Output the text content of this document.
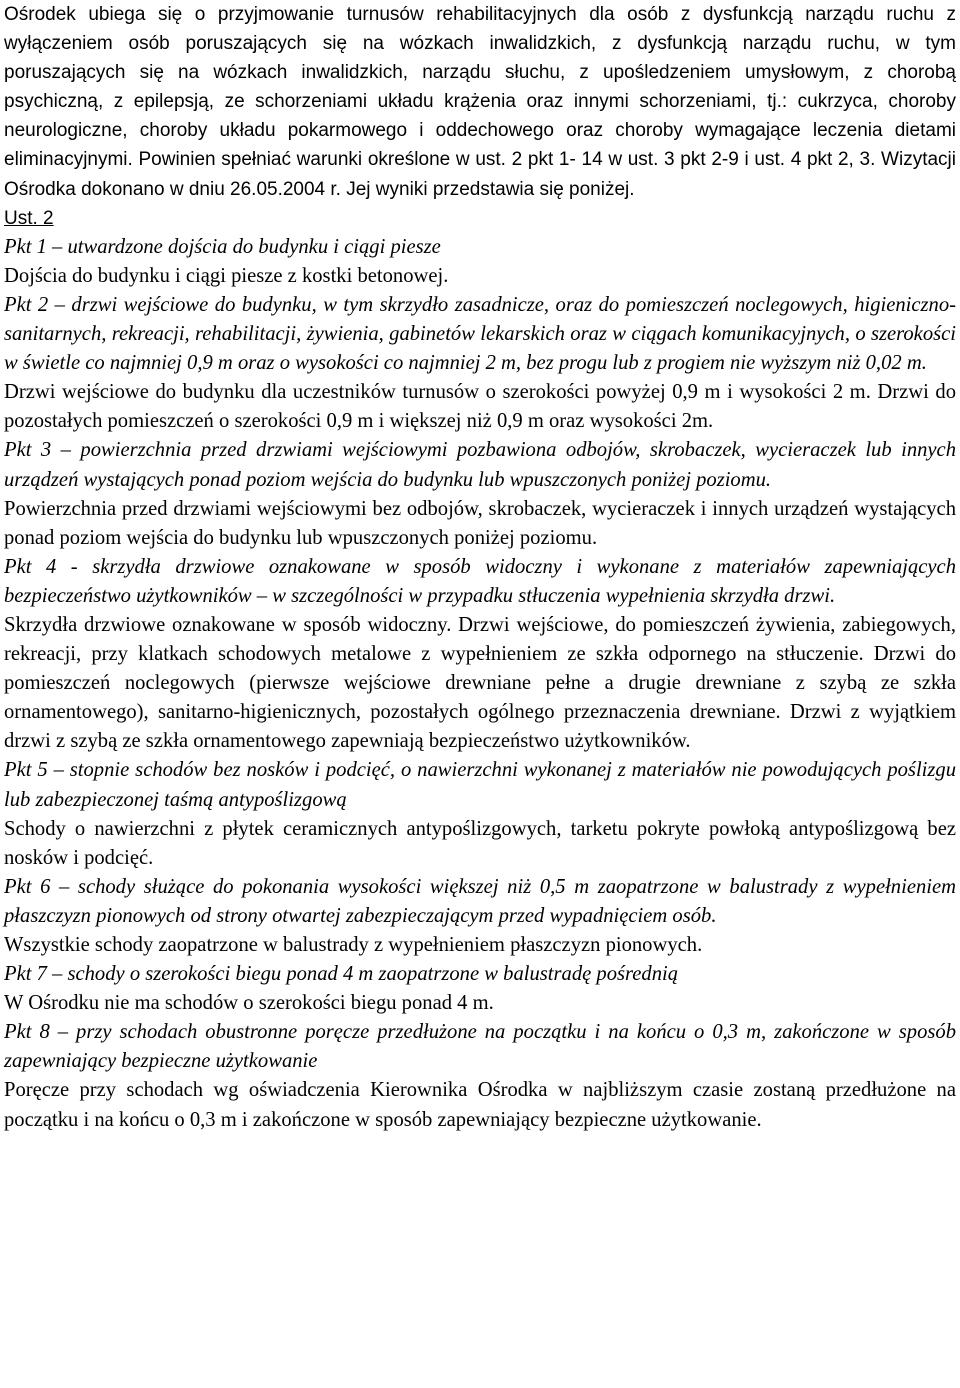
Ośrodek ubiega się o przyjmowanie turnusów rehabilitacyjnych dla osób z dysfunkcją narządu ruchu z wyłączeniem osób poruszających się na wózkach inwalidzkich, z dysfunkcją narządu ruchu, w tym poruszających się na wózkach inwalidzkich, narządu słuchu, z upośledzeniem umysłowym, z chorobą psychiczną, z epilepsją, ze schorzeniami układu krążenia oraz innymi schorzeniami, tj.: cukrzyca, choroby neurologiczne, choroby układu pokarmowego i oddechowego oraz choroby wymagające leczenia dietami eliminacyjnymi. Powinien spełniać warunki określone w ust. 2 pkt 1- 14 w ust. 3 pkt 2-9 i ust. 4 pkt 2, 3. Wizytacji Ośrodka dokonano w dniu 26.05.2004 r. Jej wyniki przedstawia się poniżej.

Ust. 2

Pkt 1 – utwardzone dojścia do budynku i ciągi piesze

Dojścia do budynku i ciągi piesze z kostki betonowej.

Pkt 2 – drzwi wejściowe do budynku, w tym skrzydło zasadnicze, oraz do pomieszczeń noclegowych, higieniczno-sanitarnych, rekreacji, rehabilitacji, żywienia, gabinetów lekarskich oraz w ciągach komunikacyjnych, o szerokości w świetle co najmniej 0,9 m oraz o wysokości co najmniej 2 m, bez progu lub z progiem nie wyższym niż 0,02 m.

Drzwi wejściowe do budynku dla uczestników turnusów o szerokości powyżej 0,9 m i wysokości 2 m. Drzwi do pozostałych pomieszczeń o szerokości 0,9 m i większej niż 0,9 m oraz wysokości 2m.

Pkt 3 – powierzchnia przed drzwiami wejściowymi pozbawiona odbojów, skrobaczek, wycieraczek lub innych urządzeń wystających ponad poziom wejścia do budynku lub wpuszczonych poniżej poziomu.

Powierzchnia przed drzwiami wejściowymi bez odbojów, skrobaczek, wycieraczek i innych urządzeń wystających ponad poziom wejścia do budynku lub wpuszczonych poniżej poziomu.

Pkt 4 - skrzydła drzwiowe oznakowane w sposób widoczny i wykonane z materiałów zapewniających bezpieczeństwo użytkowników – w szczególności w przypadku stłuczenia wypełnienia skrzydła drzwi.

Skrzydła drzwiowe oznakowane w sposób widoczny. Drzwi wejściowe, do pomieszczeń żywienia, zabiegowych, rekreacji, przy klatkach schodowych metalowe z wypełnieniem ze szkła odpornego na stłuczenie. Drzwi do pomieszczeń noclegowych (pierwsze wejściowe drewniane pełne a drugie drewniane z szybą ze szkła ornamentowego), sanitarno-higienicznych, pozostałych ogólnego przeznaczenia drewniane. Drzwi z wyjątkiem drzwi z szybą ze szkła ornamentowego zapewniają bezpieczeństwo użytkowników.

Pkt 5 – stopnie schodów bez nosków i podcięć, o nawierzchni wykonanej z materiałów nie powodujących poślizgu lub zabezpieczonej taśmą antypoślizgową

Schody o nawierzchni z płytek ceramicznych antypoślizgowych, tarketu pokryte powłoką antypoślizgową bez nosków i podcięć.

Pkt 6 – schody służące do pokonania wysokości większej niż 0,5 m zaopatrzone w balustrady z wypełnieniem płaszczyzn pionowych od strony otwartej zabezpieczającym przed wypadnięciem osób.

Wszystkie schody zaopatrzone w balustrady z wypełnieniem płaszczyzn pionowych.

Pkt 7 – schody o szerokości biegu ponad 4 m zaopatrzone w balustradę pośrednią

W Ośrodku nie ma schodów o szerokości biegu ponad 4 m.

Pkt 8 – przy schodach obustronne poręcze przedłużone na początku i na końcu o 0,3 m, zakończone w sposób zapewniający bezpieczne użytkowanie

Poręcze przy schodach wg oświadczenia Kierownika Ośrodka w najbliższym czasie zostaną przedłużone na początku i na końcu o 0,3 m i zakończone w sposób zapewniający bezpieczne użytkowanie.
